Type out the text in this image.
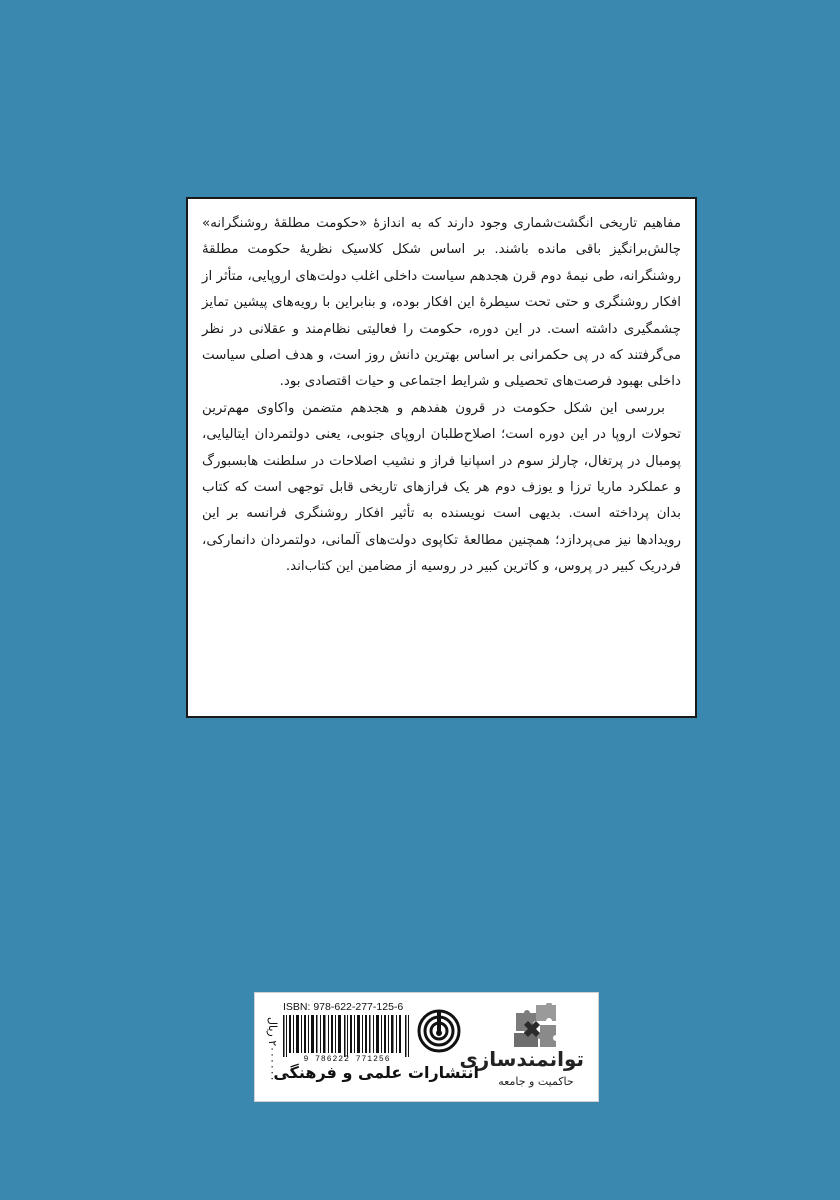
مفاهیم تاریخی انگشت‌شماری وجود دارند که به اندازهٔ «حکومت مطلقهٔ روشنگرانه» چالش‌برانگیز باقی مانده باشند. بر اساس شکل کلاسیک نظریهٔ حکومت مطلقهٔ روشنگرانه، طی نیمهٔ دوم قرن هجدهم سیاست داخلی اغلب دولت‌های اروپایی، متأثر از افکار روشنگری و حتی تحت سیطرهٔ این افکار بوده، و بنابراین با رویه‌های پیشین تمایز چشمگیری داشته است. در این دوره، حکومت را فعالیتی نظام‌مند و عقلانی در نظر می‌گرفتند که در پی حکمرانی بر اساس بهترین دانش روز است، و هدف اصلی سیاست داخلی بهبود فرصت‌های تحصیلی و شرایط اجتماعی و حیات اقتصادی بود.

بررسی این شکل حکومت در قرون هفدهم و هجدهم متضمن واکاوی مهم‌ترین تحولات اروپا در این دوره است؛ اصلاح‌طلبان اروپای جنوبی، یعنی دولتمردان ایتالیایی، پومبال در پرتغال، چارلز سوم در اسپانیا فراز و نشیب اصلاحات در سلطنت هابسبورگ و عملکرد ماریا ترزا و یوزف دوم هر یک فرازهای تاریخی قابل توجهی است که کتاب بدان پرداخته است. بدیهی است نویسنده به تأثیر افکار روشنگری فرانسه بر این رویدادها نیز می‌پردازد؛ همچنین مطالعهٔ تکاپوی دولت‌های آلمانی، دولتمردان دانمارکی، فردریک کبیر در پروس، و کاترین کبیر در روسیه از مضامین این کتاب‌اند.

توانمندسازی
حاکمیت و جامعه
انتشارات علمی و فرهنگی
ISBN: 978-622-277-125-6
9 786222 771256
۲۰۰۰۰۰۰ ریال
